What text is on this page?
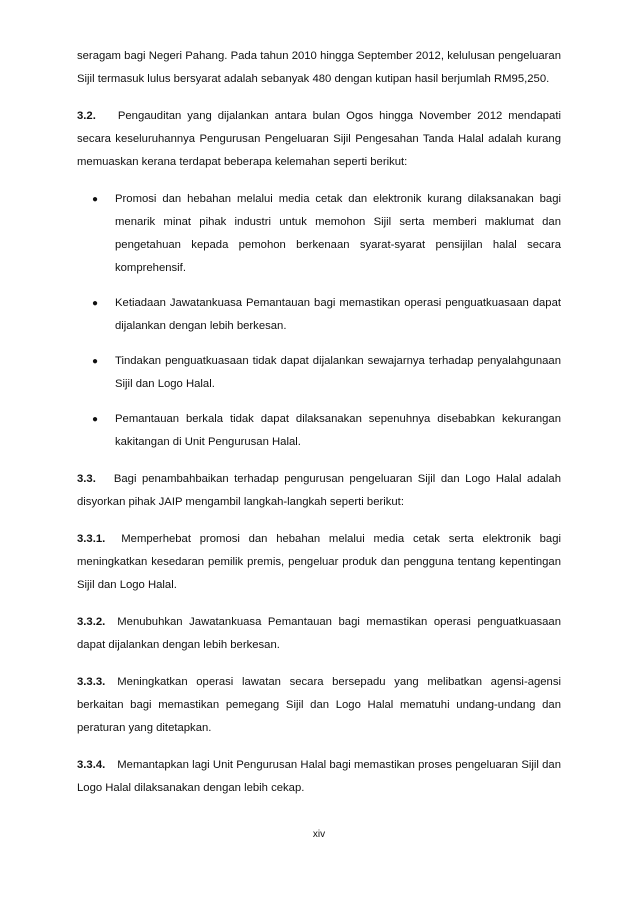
seragam bagi Negeri Pahang. Pada tahun 2010 hingga September 2012, kelulusan pengeluaran Sijil termasuk lulus bersyarat adalah sebanyak 480 dengan kutipan hasil berjumlah RM95,250.

3.2. Pengauditan yang dijalankan antara bulan Ogos hingga November 2012 mendapati secara keseluruhannya Pengurusan Pengeluaran Sijil Pengesahan Tanda Halal adalah kurang memuaskan kerana terdapat beberapa kelemahan seperti berikut:

● Promosi dan hebahan melalui media cetak dan elektronik kurang dilaksanakan bagi menarik minat pihak industri untuk memohon Sijil serta memberi maklumat dan pengetahuan kepada pemohon berkenaan syarat-syarat pensijilan halal secara komprehensif.
● Ketiadaan Jawatankuasa Pemantauan bagi memastikan operasi penguatkuasaan dapat dijalankan dengan lebih berkesan.
● Tindakan penguatkuasaan tidak dapat dijalankan sewajarnya terhadap penyalahgunaan Sijil dan Logo Halal.
● Pemantauan berkala tidak dapat dilaksanakan sepenuhnya disebabkan kekurangan kakitangan di Unit Pengurusan Halal.

3.3. Bagi penambahbaikan terhadap pengurusan pengeluaran Sijil dan Logo Halal adalah disyorkan pihak JAIP mengambil langkah-langkah seperti berikut:

3.3.1. Memperhebat promosi dan hebahan melalui media cetak serta elektronik bagi meningkatkan kesedaran pemilik premis, pengeluar produk dan pengguna tentang kepentingan Sijil dan Logo Halal.

3.3.2. Menubuhkan Jawatankuasa Pemantauan bagi memastikan operasi penguatkuasaan dapat dijalankan dengan lebih berkesan.

3.3.3. Meningkatkan operasi lawatan secara bersepadu yang melibatkan agensi-agensi berkaitan bagi memastikan pemegang Sijil dan Logo Halal mematuhi undang-undang dan peraturan yang ditetapkan.

3.3.4. Memantapkan lagi Unit Pengurusan Halal bagi memastikan proses pengeluaran Sijil dan Logo Halal dilaksanakan dengan lebih cekap.

xiv
